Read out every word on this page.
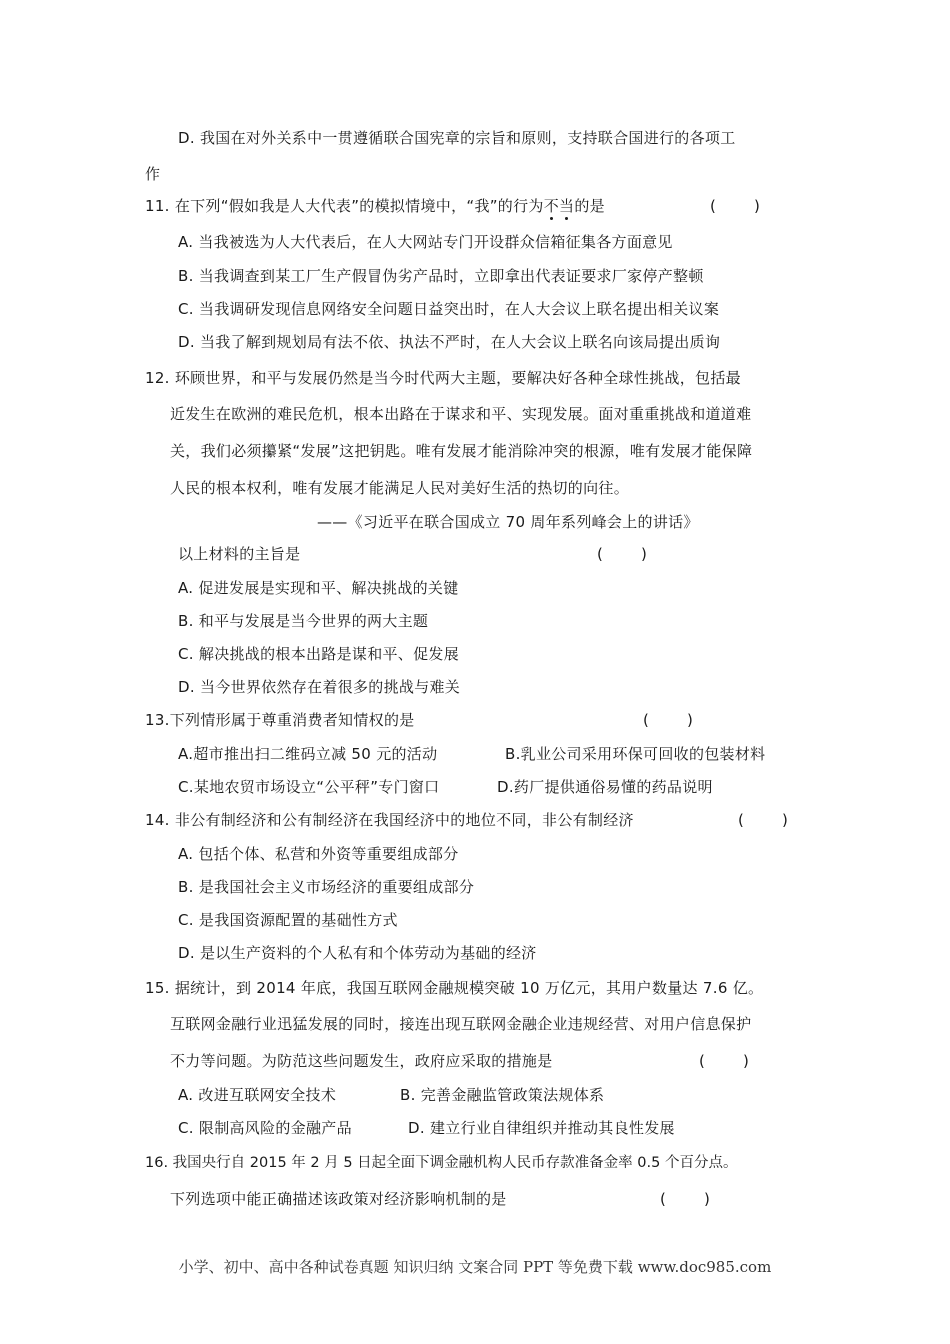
D. 我国在对外关系中一贯遵循联合国宪章的宗旨和原则，支持联合国进行的各项工
作
11. 在下列“假如我是人大代表”的模拟情境中，“我”的行为不当的是	(        )
A. 当我被选为人大代表后，在人大网站专门开设群众信箱征集各方面意见
B. 当我调查到某工厂生产假冒伪劣产品时，立即拿出代表证要求厂家停产整顿
C. 当我调研发现信息网络安全问题日益突出时，在人大会议上联名提出相关议案
D. 当我了解到规划局有法不依、执法不严时，在人大会议上联名向该局提出质询
12. 环顾世界，和平与发展仍然是当今时代两大主题，要解决好各种全球性挑战，包括最
近发生在欧洲的难民危机，根本出路在于谋求和平、实现发展。面对重重挑战和道道难
关，我们必须攥紧“发展”这把钥匙。唯有发展才能消除冲突的根源，唯有发展才能保障
人民的根本权利，唯有发展才能满足人民对美好生活的热切的向往。
——《习近平在联合国成立 70 周年系列峰会上的讲话》
以上材料的主旨是	(        )
A. 促进发展是实现和平、解决挑战的关键
B. 和平与发展是当今世界的两大主题
C. 解决挑战的根本出路是谋和平、促发展
D. 当今世界依然存在着很多的挑战与难关
13.下列情形属于尊重消费者知情权的是	(        )
A.超市推出扫二维码立减 50 元的活动	B.乳业公司采用环保可回收的包装材料
C.某地农贸市场设立“公平秤”专门窗口	D.药厂提供通俗易懂的药品说明
14. 非公有制经济和公有制经济在我国经济中的地位不同，非公有制经济	(        )
A. 包括个体、私营和外资等重要组成部分
B. 是我国社会主义市场经济的重要组成部分
C. 是我国资源配置的基础性方式
D. 是以生产资料的个人私有和个体劳动为基础的经济
15. 据统计，到 2014 年底，我国互联网金融规模突破 10 万亿元，其用户数量达 7.6 亿。
互联网金融行业迅猛发展的同时，接连出现互联网金融企业违规经营、对用户信息保护
不力等问题。为防范这些问题发生，政府应采取的措施是	(        )
A. 改进互联网安全技术	B. 完善金融监管政策法规体系
C. 限制高风险的金融产品	D. 建立行业自律组织并推动其良性发展
16. 我国央行自 2015 年 2 月 5 日起全面下调金融机构人民币存款准备金率 0.5 个百分点。
下列选项中能正确描述该政策对经济影响机制的是	(        )
小学、初中、高中各种试卷真题 知识归纳 文案合同 PPT 等免费下载 www.doc985.com
